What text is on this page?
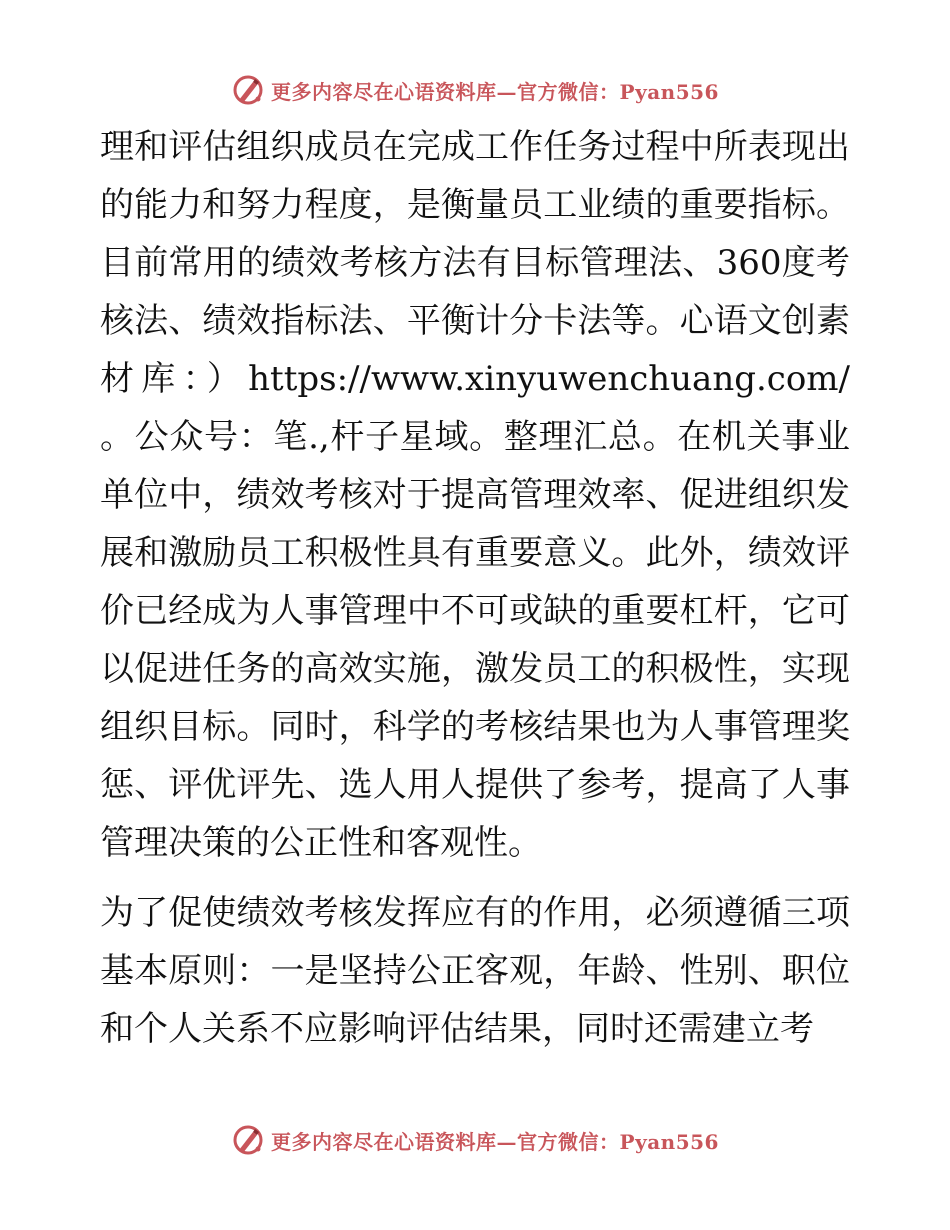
更多内容尽在心语资料库—官方微信：Pyan556

理和评估组织成员在完成工作任务过程中所表现出的能力和努力程度，是衡量员工业绩的重要指标。目前常用的绩效考核方法有目标管理法、360度考核法、绩效指标法、平衡计分卡法等。心语文创素材库：）https://www.xinyuwenchuang.com/。公众号：笔.,杆子星域。整理汇总。在机关事业单位中，绩效考核对于提高管理效率、促进组织发展和激励员工积极性具有重要意义。此外，绩效评价已经成为人事管理中不可或缺的重要杠杆，它可以促进任务的高效实施，激发员工的积极性，实现组织目标。同时，科学的考核结果也为人事管理奖惩、评优评先、选人用人提供了参考，提高了人事管理决策的公正性和客观性。

为了促使绩效考核发挥应有的作用，必须遵循三项基本原则：一是坚持公正客观，年龄、性别、职位和个人关系不应影响评估结果，同时还需建立考

更多内容尽在心语资料库—官方微信：Pyan556
